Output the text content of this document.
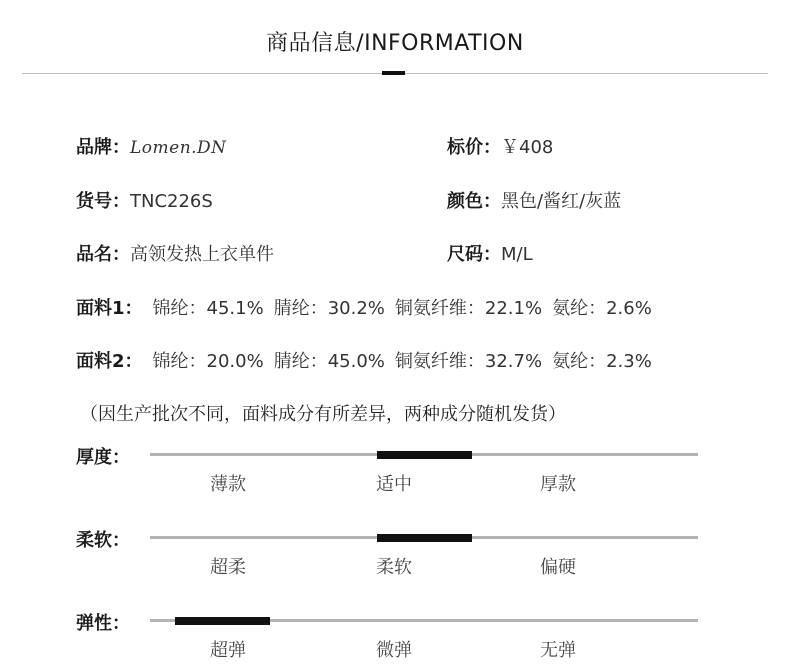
商品信息/INFORMATION
品牌：Lomen.DN	标价：￥408
货号：TNC226S	颜色：黑色/酱红/灰蓝
品名：高领发热上衣单件	尺码：M/L
面料1： 锦纶：45.1% 腈纶：30.2% 铜氨纤维：22.1% 氨纶：2.6%
面料2： 锦纶：20.0% 腈纶：45.0% 铜氨纤维：32.7% 氨纶：2.3%
（因生产批次不同，面料成分有所差异，两种成分随机发货）
厚度：
薄款	适中	厚款
柔软：
超柔	柔软	偏硬
弹性：
超弹	微弹	无弹
